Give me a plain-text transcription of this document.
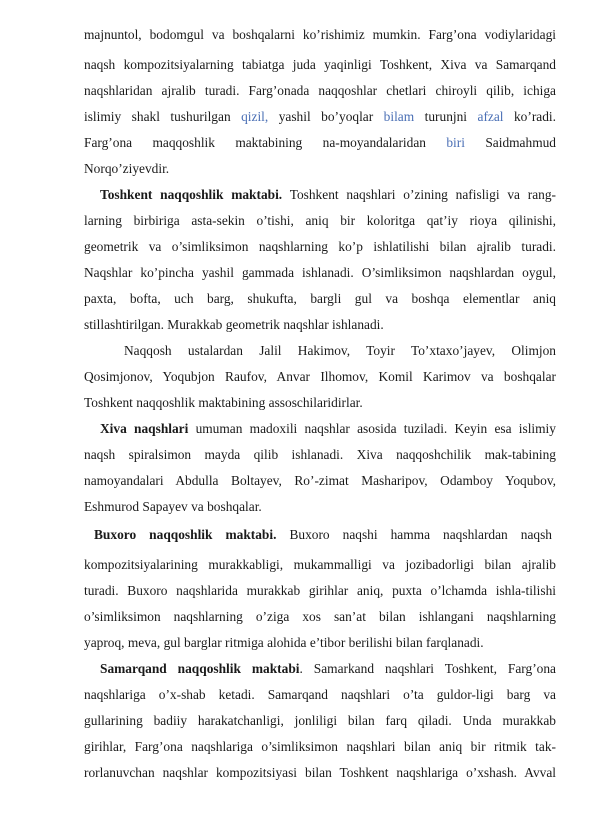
majnuntol, bodomgul va boshqalarni ko’rishimiz mumkin. Farg’ona vodiylaridagi
naqsh kompozitsiyalarning tabiatga juda yaqinligi Toshkent, Xiva va Samarqand
naqshlaridan ajralib turadi. Farg’onada naqqoshlar chetlari chiroyli qilib, ichiga
islimiy shakl tushurilgan qizil, yashil bo’yoqlar bilam turunjni afzal ko’radi.
Farg’ona maqqoshlik maktabining na-moyandalaridan biri Saidmahmud
Norqo’ziyevdir.
Toshkent naqqoshlik maktabi. Toshkent naqshlari o’zining nafisligi va rang-
larning birbiriga asta-sekin o’tishi, aniq bir koloritga qat’iy rioya qilinishi,
geometrik va o’simliksimon naqshlarning ko’p ishlatilishi bilan ajralib turadi.
Naqshlar ko’pincha yashil gammada ishlanadi. O’simliksimon naqshlardan oygul,
paxta, bofta, uch barg, shukufta, bargli gul va boshqa elementlar aniq
stillashtirilgan. Murakkab geometrik naqshlar ishlanadi.
Naqqosh ustalardan Jalil Hakimov, Toyir To’xtaxo’jayev, Olimjon
Qosimjonov, Yoqubjon Raufov, Anvar Ilhomov, Komil Karimov va boshqalar
Toshkent naqqoshlik maktabining assoschilaridirlar.
Xiva naqshlari umuman madoxili naqshlar asosida tuziladi. Keyin esa islimiy
naqsh spiralsimon mayda qilib ishlanadi. Xiva naqqoshchilik mak-tabining
namoyandalari Abdulla Boltayev, Ro’-zimat Masharipov, Odamboy Yoqubov,
Eshmurod Sapayev va boshqalar.
Buxoro naqqoshlik maktabi. Buxoro naqshi hamma naqshlardan naqsh
kompozitsiyalarining murakkabligi, mukammalligi va jozibadorligi bilan ajralib
turadi. Buxoro naqshlarida murakkab girihlar aniq, puxta o’lchamda ishla-tilishi
o’simliksimon naqshlarning o’ziga xos san’at bilan ishlangani naqshlarning
yaproq, meva, gul barglar ritmiga alohida e’tibor berilishi bilan farqlanadi.
Samarqand naqqoshlik maktabi. Samarkand naqshlari Toshkent, Farg’ona
naqshlariga o’x-shab ketadi. Samarqand naqshlari o’ta guldor-ligi barg va
gullarining badiiy harakatchanligi, jonliligi bilan farq qiladi. Unda murakkab
girihlar, Farg’ona naqshlariga o’simliksimon naqshlari bilan aniq bir ritmik tak-
rorlanuvchan naqshlar kompozitsiyasi bilan Toshkent naqshlariga o’xshash. Avval
